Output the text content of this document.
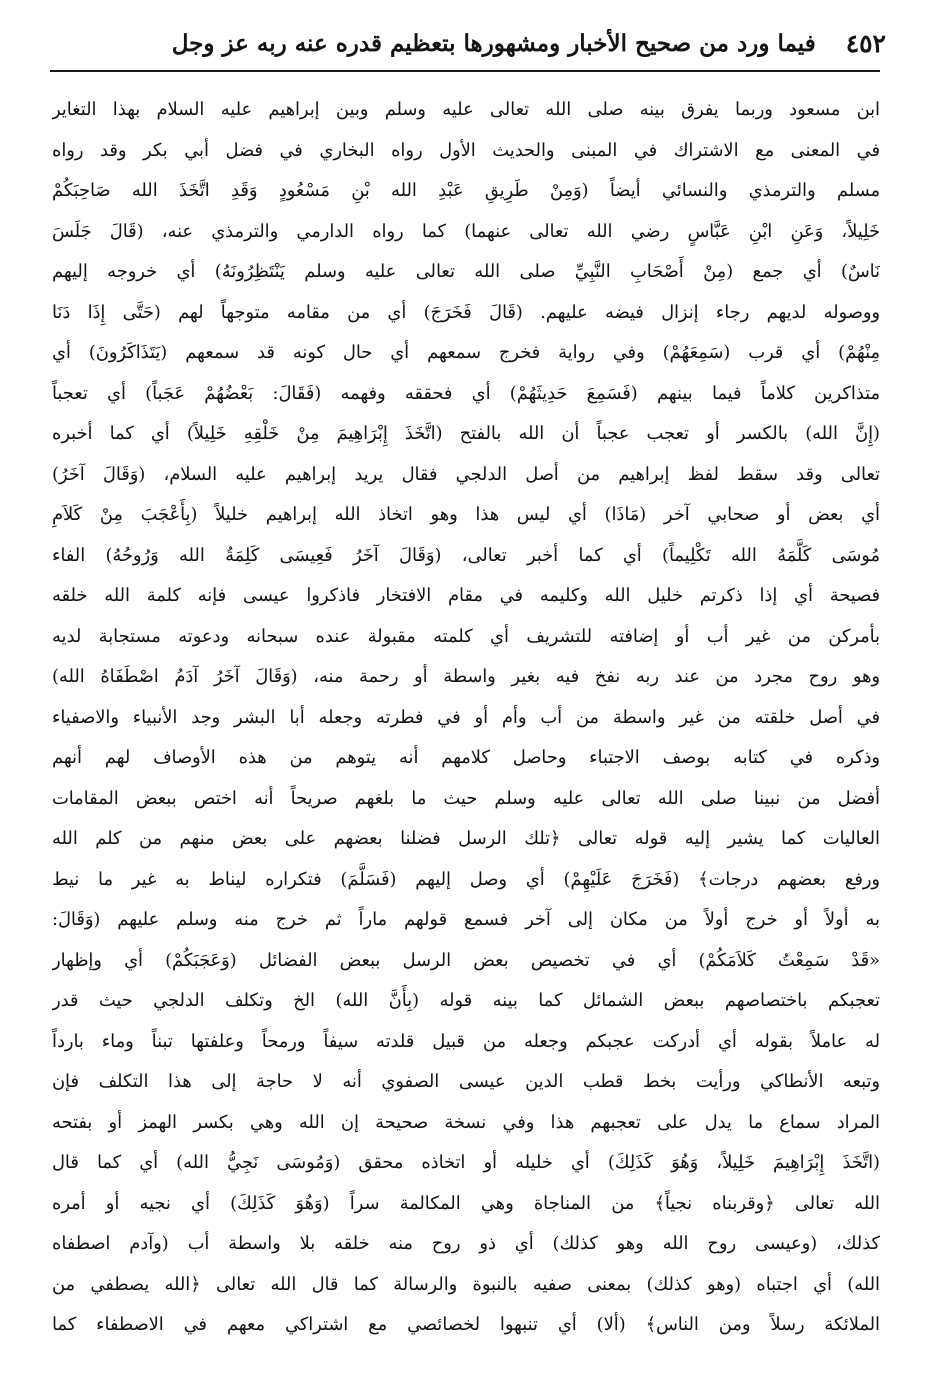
٤٥٢
فيما ورد من صحيح الأخبار ومشهورها بتعظيم قدره عنه ربه عز وجل
ابن مسعود وربما يفرق بينه صلى الله تعالى عليه وسلم وبين إبراهيم عليه السلام بهذا التغاير
في المعنى مع الاشتراك في المبنى والحديث الأول رواه البخاري في فضل أبي بكر وقد رواه
مسلم والترمذي والنسائي أيضاً (وَمِنْ طَرِيقِ عَبْدِ الله بْنِ مَسْعُودٍ وَقَدِ اتَّخَذَ الله صَاحِبَكُمْ
خَلِيلاً، وَعَنِ ابْنِ عَبَّاسٍ رضي الله تعالى عنهما) كما رواه الدارمي والترمذي عنه، (قَالَ جَلَسَ
نَاسٌ) أي جمع (مِنْ أَصْحَابِ النَّبِيِّ صلى الله تعالى عليه وسلم يَنْتَظِرُونَهُ) أي خروجه إليهم
ووصوله لديهم رجاء إنزال فيضه عليهم. (قَالَ فَخَرَجَ) أي من مقامه متوجهاً لهم (حَتَّى إِذَا دَنَا
مِنْهُمْ) أي قرب (سَمِعَهُمْ) وفي رواية فخرج سمعهم أي حال كونه قد سمعهم (يَتَذَاكَرُونَ) أي
متذاكرين كلاماً فيما بينهم (فَسَمِعَ حَدِيثَهُمْ) أي فحققه وفهمه (فَقَالَ: بَعْضُهُمْ عَجَباً) أي تعجباً
(إِنَّ الله) بالكسر أو تعجب عجباً أن الله بالفتح (اتَّخَذَ إِبْرَاهِيمَ مِنْ خَلْقِهِ خَلِيلاً) أي كما أخبره
تعالى وقد سقط لفظ إبراهيم من أصل الدلجي فقال يريد إبراهيم عليه السلام، (وَقَالَ آخَرُ)
أي بعض أو صحابي آخر (مَاذَا) أي ليس هذا وهو اتخاذ الله إبراهيم خليلاً (بِأَعْجَبَ مِنْ كَلاَمِ
مُوسَى كَلَّمَهُ الله تَكْلِيماً) أي كما أخبر تعالى، (وَقَالَ آخَرُ فَعِيسَى كَلِمَةُ الله وَرُوحُهُ) الفاء
فصيحة أي إذا ذكرتم خليل الله وكليمه في مقام الافتخار فاذكروا عيسى فإنه كلمة الله خلقه
بأمركن من غير أب أو إضافته للتشريف أي كلمته مقبولة عنده سبحانه ودعوته مستجابة لديه
وهو روح مجرد من عند ربه نفخ فيه بغير واسطة أو رحمة منه، (وَقَالَ آخَرُ آدَمُ اصْطَفَاهُ الله)
في أصل خلقته من غير واسطة من أب وأم أو في فطرته وجعله أبا البشر وجد الأنبياء والاصفياء
وذكره في كتابه بوصف الاجتباء وحاصل كلامهم أنه يتوهم من هذه الأوصاف لهم أنهم
أفضل من نبينا صلى الله تعالى عليه وسلم حيث ما بلغهم صريحاً أنه اختص ببعض المقامات
العاليات كما يشير إليه قوله تعالى ﴿تلك الرسل فضلنا بعضهم على بعض منهم من كلم الله
ورفع بعضهم درجات﴾ (فَخَرَجَ عَلَيْهِمْ) أي وصل إليهم (فَسَلَّمَ) فتكراره ليناط به غير ما نيط
به أولاً أو خرج أولاً من مكان إلى آخر فسمع قولهم ماراً ثم خرج منه وسلم عليهم (وَقَالَ:
«قَدْ سَمِعْتُ كَلاَمَكُمْ) أي في تخصيص بعض الرسل ببعض الفضائل (وَعَجَبَكُمْ) أي وإظهار
تعجبكم باختصاصهم ببعض الشمائل كما بينه قوله (بِأَنَّ الله) الخ وتكلف الدلجي حيث قدر
له عاملاً بقوله أي أدركت عجبكم وجعله من قبيل قلدته سيفاً ورمحاً وعلفتها تبناً وماء بارداً
وتبعه الأنطاكي ورأيت بخط قطب الدين عيسى الصفوي أنه لا حاجة إلى هذا التكلف فإن
المراد سماع ما يدل على تعجبهم هذا وفي نسخة صحيحة إن الله وهي بكسر الهمز أو بفتحه
(اتَّخَذَ إِبْرَاهِيمَ خَلِيلاً، وَهُوَ كَذَلِكَ) أي خليله أو اتخاذه محقق (وَمُوسَى نَجِيُّ الله) أي كما قال
الله تعالى ﴿وقربناه نجياً﴾ من المناجاة وهي المكالمة سراً (وَهُوَ كَذَلِكَ) أي نجيه أو أمره
كذلك، (وعيسى روح الله وهو كذلك) أي ذو روح منه خلقه بلا واسطة أب (وآدم اصطفاه
الله) أي اجتباه (وهو كذلك) بمعنى صفيه بالنبوة والرسالة كما قال الله تعالى ﴿الله يصطفي من
الملائكة رسلاً ومن الناس﴾ (ألا) أي تنبهوا لخصائصي مع اشتراكي معهم في الاصطفاء كما
